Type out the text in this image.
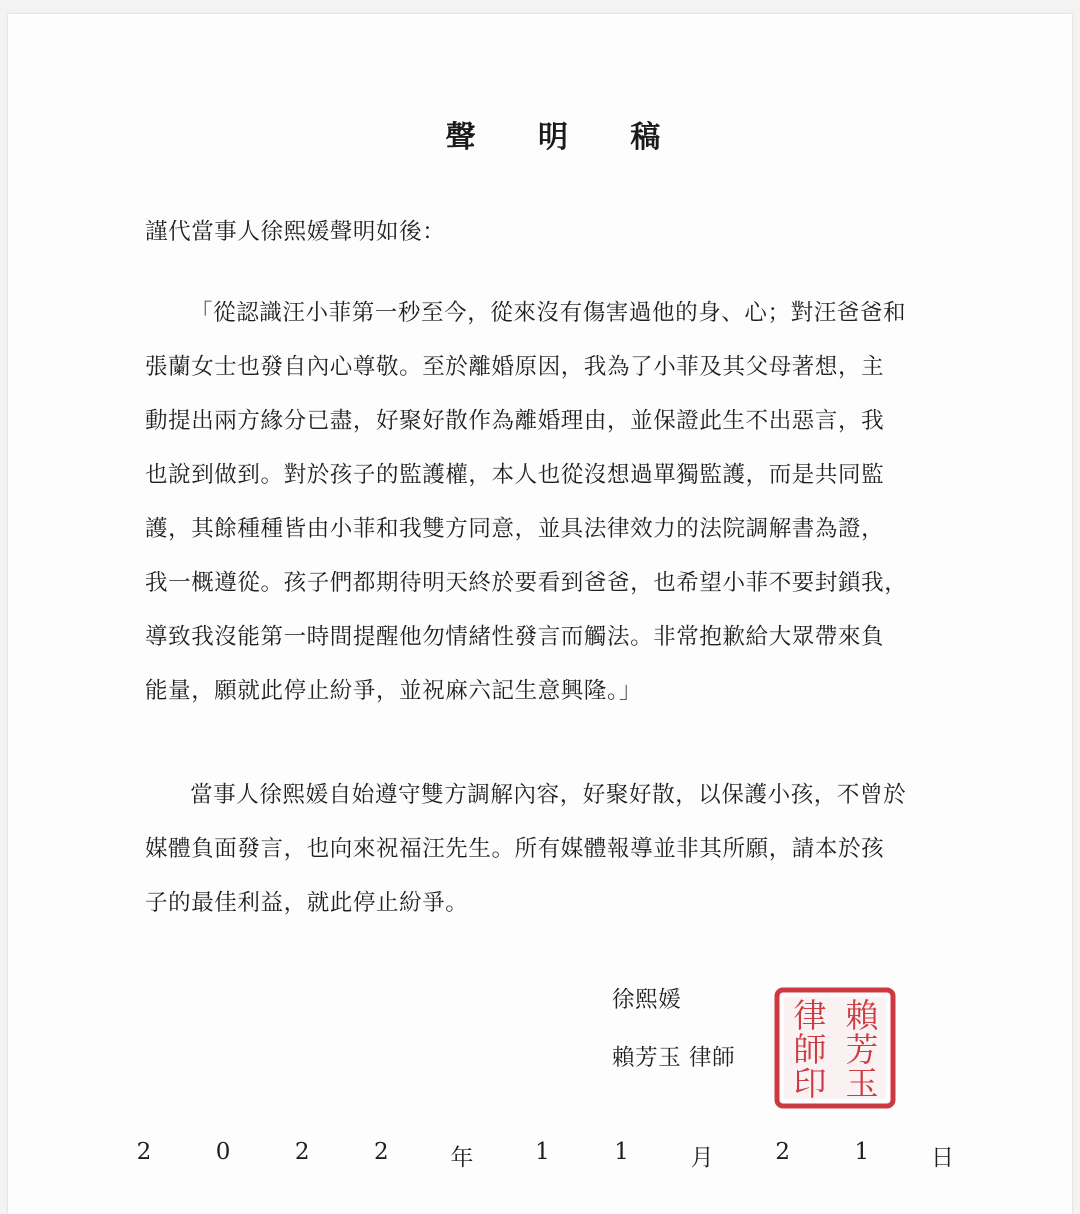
聲 明 稿
謹代當事人徐熙媛聲明如後：
「從認識汪小菲第一秒至今，從來沒有傷害過他的身、心；對汪爸爸和
張蘭女士也發自內心尊敬。至於離婚原因，我為了小菲及其父母著想，主
動提出兩方緣分已盡，好聚好散作為離婚理由，並保證此生不出惡言，我
也說到做到。對於孩子的監護權，本人也從沒想過單獨監護，而是共同監
護，其餘種種皆由小菲和我雙方同意，並具法律效力的法院調解書為證，
我一概遵從。孩子們都期待明天終於要看到爸爸，也希望小菲不要封鎖我，
導致我沒能第一時間提醒他勿情緒性發言而觸法。非常抱歉給大眾帶來負
能量，願就此停止紛爭，並祝麻六記生意興隆。」
　當事人徐熙媛自始遵守雙方調解內容，好聚好散，以保護小孩，不曾於
媒體負面發言，也向來祝福汪先生。所有媒體報導並非其所願，請本於孩
子的最佳利益，就此停止紛爭。
徐熙媛
賴芳玉 律師
賴
芳
玉
律
師
印
2	0	2	2	年	1	1	月	2	1	日
